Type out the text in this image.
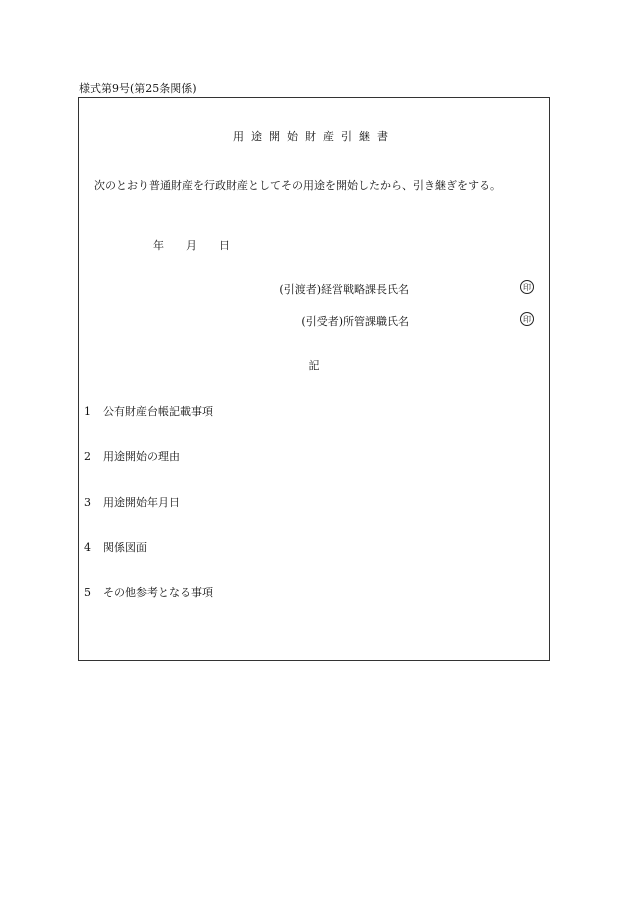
様式第9号(第25条関係)
用途開始財産引継書
次のとおり普通財産を行政財産としてその用途を開始したから、引き継ぎをする。
年 月 日
(引渡者)経営戦略課長氏名	印
(引受者)所管課職氏名	印
記
1 公有財産台帳記載事項
2 用途開始の理由
3 用途開始年月日
4 関係図面
5 その他参考となる事項
